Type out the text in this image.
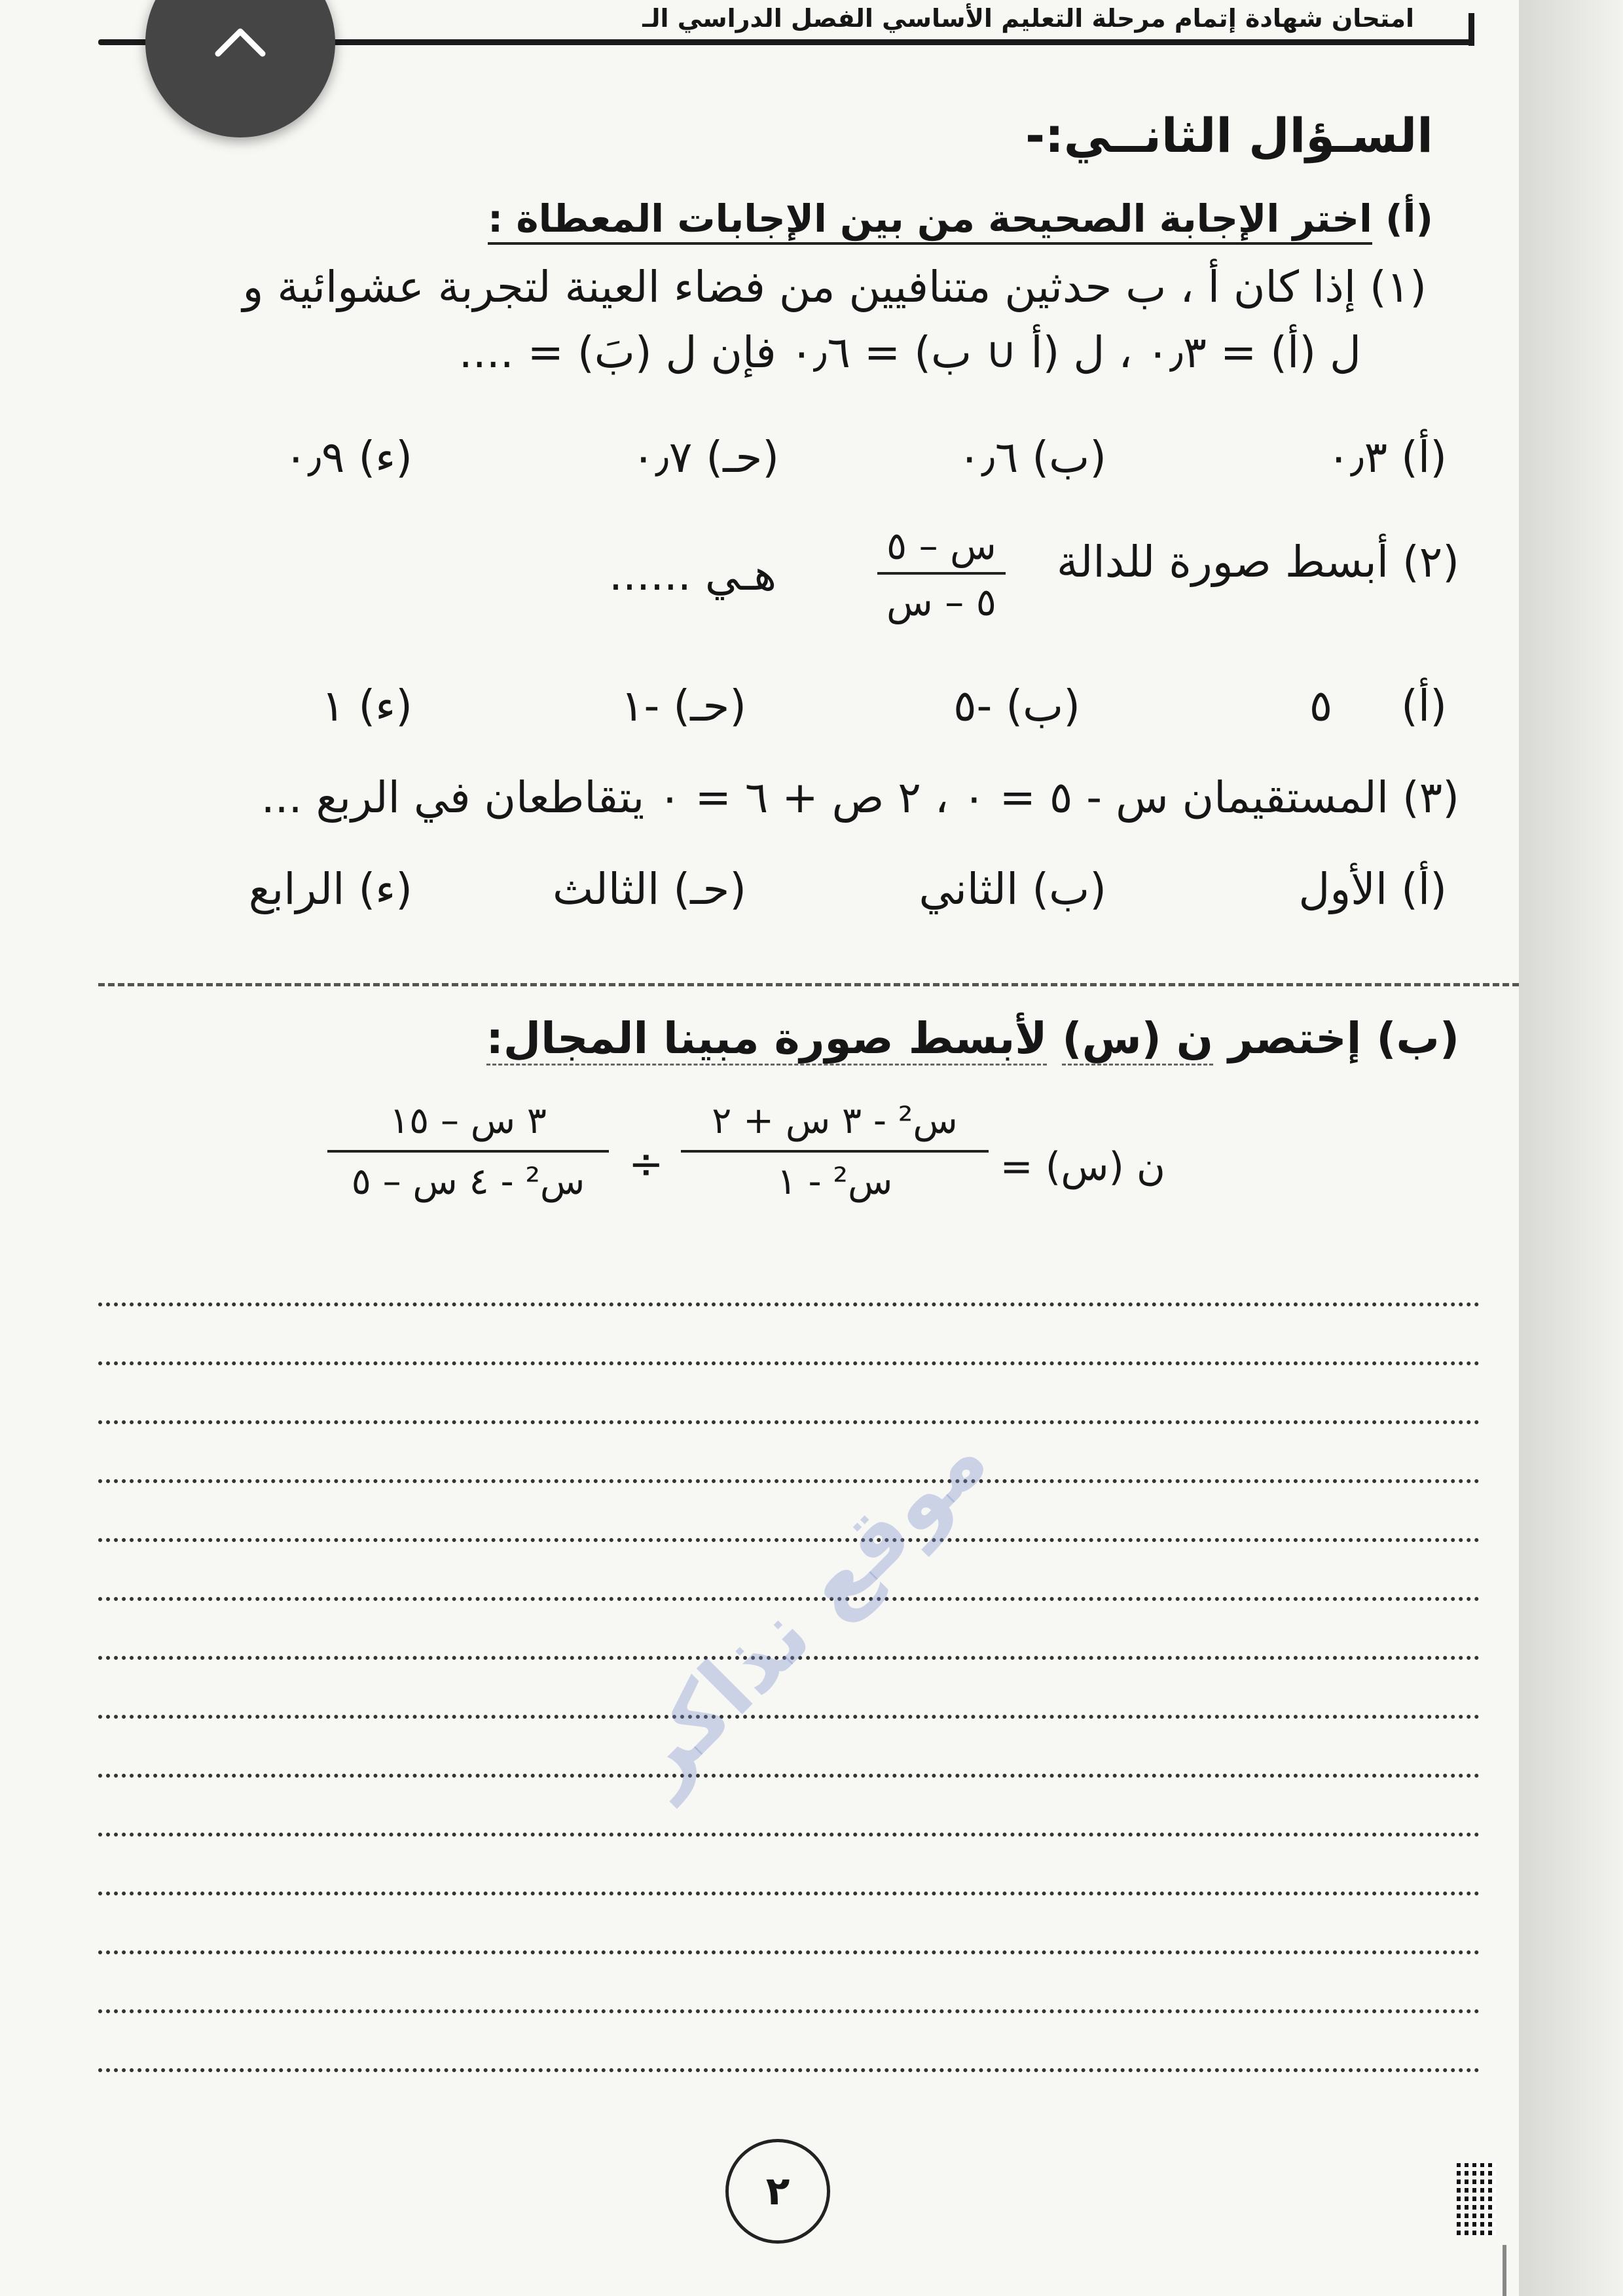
امتحان شهادة إتمام مرحلة التعليم الأساسي الفصل الدراسي الـ
السـؤال الثانــي:-
(أ) اختر الإجابة الصحيحة من بين الإجابات المعطاة :
(١) إذا كان أ ، ب حدثين متنافيين من فضاء العينة لتجربة عشوائية و
ل (أ) = ٠٫٣ ، ل (أ ∪ ب) = ٠٫٦ فإن ل (بَ) = ....
(أ) ٠٫٣
(ب) ٠٫٦
(حـ) ٠٫٧
(ء) ٠٫٩
(٢) أبسط صورة للدالة
س – ٥
٥ – س
هـي ......
(أ)     ٥
(ب) -٥
(حـ) -١
(ء) ١
(٣) المستقيمان س - ٥ = ٠ ، ٢ ص + ٦ = ٠ يتقاطعان في الربع ...
(أ) الأول
(ب) الثاني
(حـ) الثالث
(ء) الرابع
(ب) إختصر ن (س) لأبسط صورة مبينا المجال:
ن (س) =
س² - ٣ س + ٢
س² - ١
÷
٣ س – ١٥
س² - ٤ س – ٥
موقع نذاكر
٢
